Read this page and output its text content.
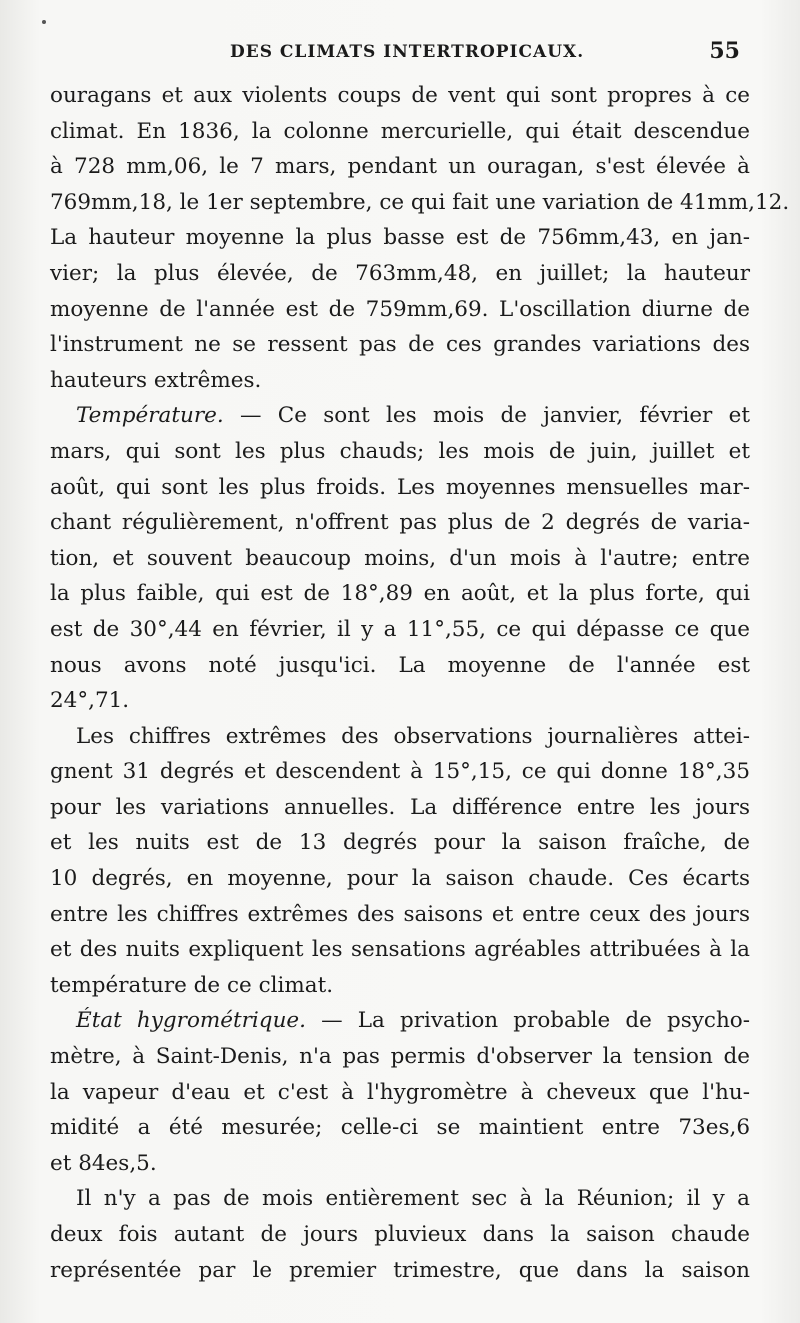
DES CLIMATS INTERTROPICAUX.	55
ouragans et aux violents coups de vent qui sont propres à ce
climat. En 1836, la colonne mercurielle, qui était descendue
à 728 mm,06, le 7 mars, pendant un ouragan, s'est élevée à
769mm,18, le 1er septembre, ce qui fait une variation de 41mm,12.
La hauteur moyenne la plus basse est de 756mm,43, en jan-
vier; la plus élevée, de 763mm,48, en juillet; la hauteur
moyenne de l'année est de 759mm,69. L'oscillation diurne de
l'instrument ne se ressent pas de ces grandes variations des
hauteurs extrêmes.
Température. — Ce sont les mois de janvier, février et
mars, qui sont les plus chauds; les mois de juin, juillet et
août, qui sont les plus froids. Les moyennes mensuelles mar-
chant régulièrement, n'offrent pas plus de 2 degrés de varia-
tion, et souvent beaucoup moins, d'un mois à l'autre; entre
la plus faible, qui est de 18°,89 en août, et la plus forte, qui
est de 30°,44 en février, il y a 11°,55, ce qui dépasse ce que
nous avons noté jusqu'ici. La moyenne de l'année est
24°,71.
Les chiffres extrêmes des observations journalières attei-
gnent 31 degrés et descendent à 15°,15, ce qui donne 18°,35
pour les variations annuelles. La différence entre les jours
et les nuits est de 13 degrés pour la saison fraîche, de
10 degrés, en moyenne, pour la saison chaude. Ces écarts
entre les chiffres extrêmes des saisons et entre ceux des jours
et des nuits expliquent les sensations agréables attribuées à la
température de ce climat.
État hygrométrique. — La privation probable de psycho-
mètre, à Saint-Denis, n'a pas permis d'observer la tension de
la vapeur d'eau et c'est à l'hygromètre à cheveux que l'hu-
midité a été mesurée; celle-ci se maintient entre 73es,6
et 84es,5.
Il n'y a pas de mois entièrement sec à la Réunion; il y a
deux fois autant de jours pluvieux dans la saison chaude
représentée par le premier trimestre, que dans la saison
